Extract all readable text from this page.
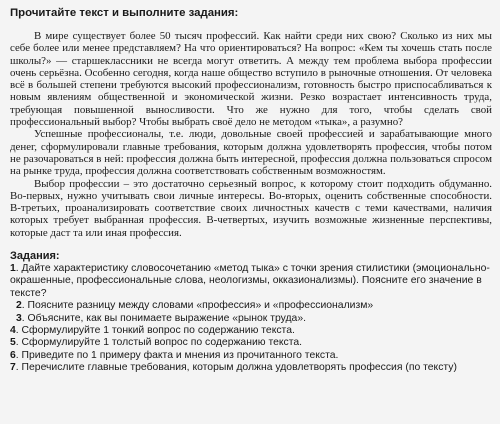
Прочитайте текст и выполните задания:

В мире существует более 50 тысяч профессий. Как найти среди них свою? Сколько из них мы себе более или менее представляем? На что ориентироваться? На вопрос: «Кем ты хочешь стать после школы?» — старшеклассники не всегда могут ответить. А между тем проблема выбора профессии очень серьёзна. Особенно сегодня, когда наше общество вступило в рыночные отношения. От человека всё в большей степени требуются высокий профессионализм, готовность быстро приспосабливаться к новым явлениям общественной и экономической жизни. Резко возрастает интенсивность труда, требующая повышенной выносливости. Что же нужно для того, чтобы сделать свой профессиональный выбор? Чтобы выбрать своё дело не методом «тыка», а разумно?

Успешные профессионалы, т.е. люди, довольные своей профессией и зарабатывающие много денег, сформулировали главные требования, которым должна удовлетворять профессия, чтобы потом не разочароваться в ней: профессия должна быть интересной, профессия должна пользоваться спросом на рынке труда, профессия должна соответствовать собственным возможностям.

Выбор профессии – это достаточно серьезный вопрос, к которому стоит подходить обдуманно. Во-первых, нужно учитывать свои личные интересы. Во-вторых, оценить собственные способности. В-третьих, проанализировать соответствие своих личностных качеств с теми качествами, наличия которых требует выбранная профессия. В-четвертых, изучить возможные жизненные перспективы, которые даст та или иная профессия.

Задания:
1. Дайте характеристику словосочетанию «метод тыка» с точки зрения стилистики (эмоционально-окрашенные, профессиональные слова, неологизмы, окказионализмы). Поясните его значение в тексте?
2. Поясните разницу между словами «профессия» и «профессионализм»
3. Объясните, как вы понимаете выражение «рынок труда».
4. Сформулируйте 1 тонкий вопрос по содержанию текста.
5. Сформулируйте 1 толстый вопрос по содержанию текста.
6. Приведите по 1 примеру факта и мнения из прочитанного текста.
7. Перечислите главные требования, которым должна удовлетворять профессия (по тексту)
